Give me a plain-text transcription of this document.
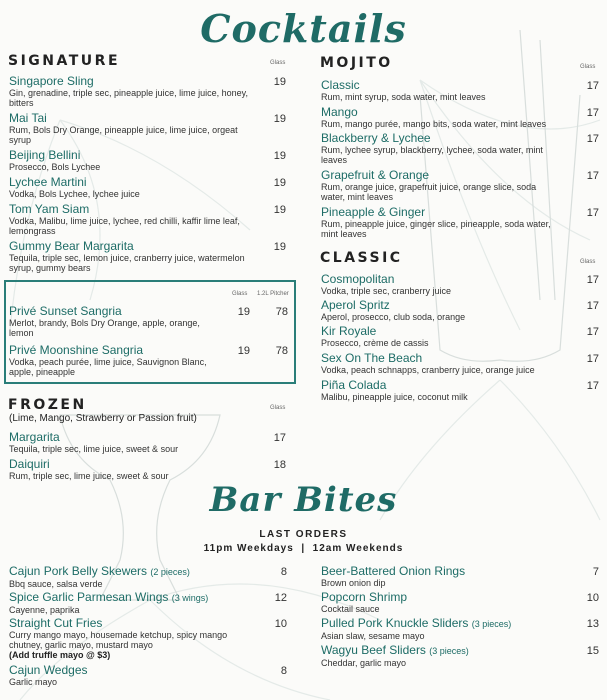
Cocktails
SIGNATURE	Glass
Singapore Sling
Gin, grenadine, triple sec, pineapple juice, lime juice, honey, bitters
19
Mai Tai
Rum, Bols Dry Orange, pineapple juice, lime juice, orgeat syrup
19
Beijing Bellini
Prosecco, Bols Lychee
19
Lychee Martini
Vodka, Bols Lychee, lychee juice
19
Tom Yam Siam
Vodka, Malibu, lime juice, lychee, red chilli, kaffir lime leaf, lemongrass
19
Gummy Bear Margarita
Tequila, triple sec, lemon juice, cranberry juice, watermelon syrup, gummy bears
19
Glass 1.2L Pitcher
Privé Sunset Sangria
Merlot, brandy, Bols Dry Orange, apple, orange, lemon
19	78
Privé Moonshine Sangria
Vodka, peach purée, lime juice, Sauvignon Blanc, apple, pineapple
19	78
FROZEN
(Lime, Mango, Strawberry or Passion fruit)
Glass
Margarita
Tequila, triple sec, lime juice, sweet & sour
17
Daiquiri
Rum, triple sec, lime juice, sweet & sour
18
MOJITO	Glass
Classic
Rum, mint syrup, soda water, mint leaves
17
Mango
Rum, mango purée, mango bits, soda water, mint leaves
17
Blackberry & Lychee
Rum, lychee syrup, blackberry, lychee, soda water, mint leaves
17
Grapefruit & Orange
Rum, orange juice, grapefruit juice, orange slice, soda water, mint leaves
17
Pineapple & Ginger
Rum, pineapple juice, ginger slice, pineapple, soda water, mint leaves
17
CLASSIC	Glass
Cosmopolitan
Vodka, triple sec, cranberry juice
17
Aperol Spritz
Aperol, prosecco, club soda, orange
17
Kir Royale
Prosecco, crème de cassis
17
Sex On The Beach
Vodka, peach schnapps, cranberry juice, orange juice
17
Piña Colada
Malibu, pineapple juice, coconut milk
17
Bar Bites
LAST ORDERS
11pm Weekdays  |  12am Weekends
Cajun Pork Belly Skewers (2 pieces)
Bbq sauce, salsa verde
8
Spice Garlic Parmesan Wings (3 wings)
Cayenne, paprika
12
Straight Cut Fries
Curry mango mayo, housemade ketchup, spicy mango chutney, garlic mayo, mustard mayo
(Add truffle mayo @ $3)
10
Cajun Wedges
Garlic mayo
8
Beer-Battered Onion Rings
Brown onion dip
7
Popcorn Shrimp
Cocktail sauce
10
Pulled Pork Knuckle Sliders (3 pieces)
Asian slaw, sesame mayo
13
Wagyu Beef Sliders (3 pieces)
Cheddar, garlic mayo
15
